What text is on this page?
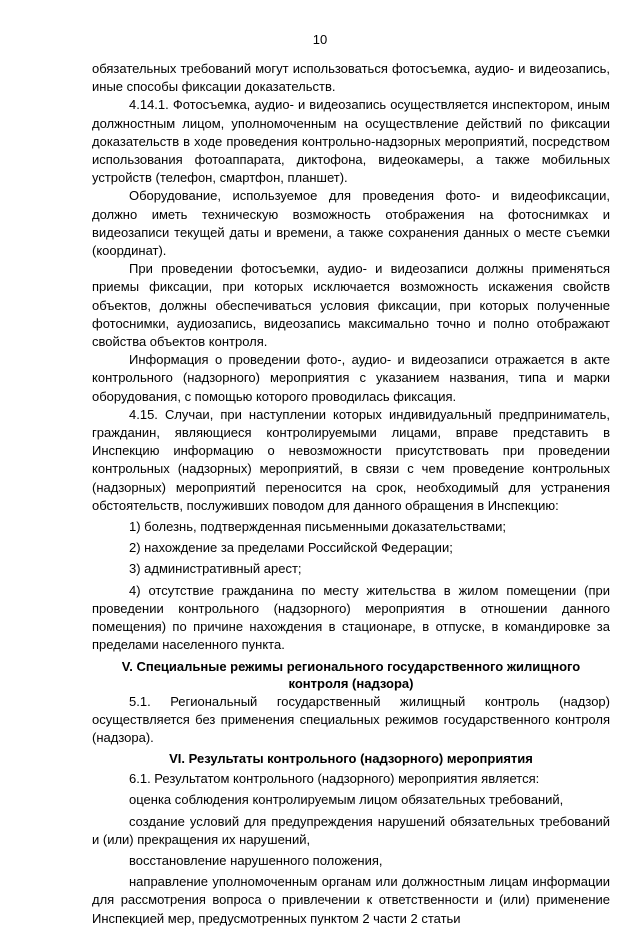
10

обязательных требований могут использоваться фотосъемка, аудио- и видеозапись, иные способы фиксации доказательств.

4.14.1. Фотосъемка, аудио- и видеозапись осуществляется инспектором, иным должностным лицом, уполномоченным на осуществление действий по фиксации доказательств в ходе проведения контрольно-надзорных мероприятий, посредством использования фотоаппарата, диктофона, видеокамеры, а также мобильных устройств (телефон, смартфон, планшет).

Оборудование, используемое для проведения фото- и видеофиксации, должно иметь техническую возможность отображения на фотоснимках и видеозаписи текущей даты и времени, а также сохранения данных о месте съемки (координат).

При проведении фотосъемки, аудио- и видеозаписи должны применяться приемы фиксации, при которых исключается возможность искажения свойств объектов, должны обеспечиваться условия фиксации, при которых полученные фотоснимки, аудиозапись, видеозапись максимально точно и полно отображают свойства объектов контроля.

Информация о проведении фото-, аудио- и видеозаписи отражается в акте контрольного (надзорного) мероприятия с указанием названия, типа и марки оборудования, с помощью которого проводилась фиксация.

4.15. Случаи, при наступлении которых индивидуальный предприниматель, гражданин, являющиеся контролируемыми лицами, вправе представить в Инспекцию информацию о невозможности присутствовать при проведении контрольных (надзорных) мероприятий, в связи с чем проведение контрольных (надзорных) мероприятий переносится на срок, необходимый для устранения обстоятельств, послуживших поводом для данного обращения в Инспекцию:

1) болезнь, подтвержденная письменными доказательствами;

2) нахождение за пределами Российской Федерации;

3) административный арест;

4) отсутствие гражданина по месту жительства в жилом помещении (при проведении контрольного (надзорного) мероприятия в отношении данного помещения) по причине нахождения в стационаре, в отпуске, в командировке за пределами населенного пункта.

V. Специальные режимы регионального государственного жилищного контроля (надзора)

5.1. Региональный государственный жилищный контроль (надзор) осуществляется без применения специальных режимов государственного контроля (надзора).

VI. Результаты контрольного (надзорного) мероприятия

6.1. Результатом контрольного (надзорного) мероприятия является:

оценка соблюдения контролируемым лицом обязательных требований,

создание условий для предупреждения нарушений обязательных требований и (или) прекращения их нарушений,

восстановление нарушенного положения,

направление уполномоченным органам или должностным лицам информации для рассмотрения вопроса о привлечении к ответственности и (или) применение Инспекцией мер, предусмотренных пунктом 2 части 2 статьи
